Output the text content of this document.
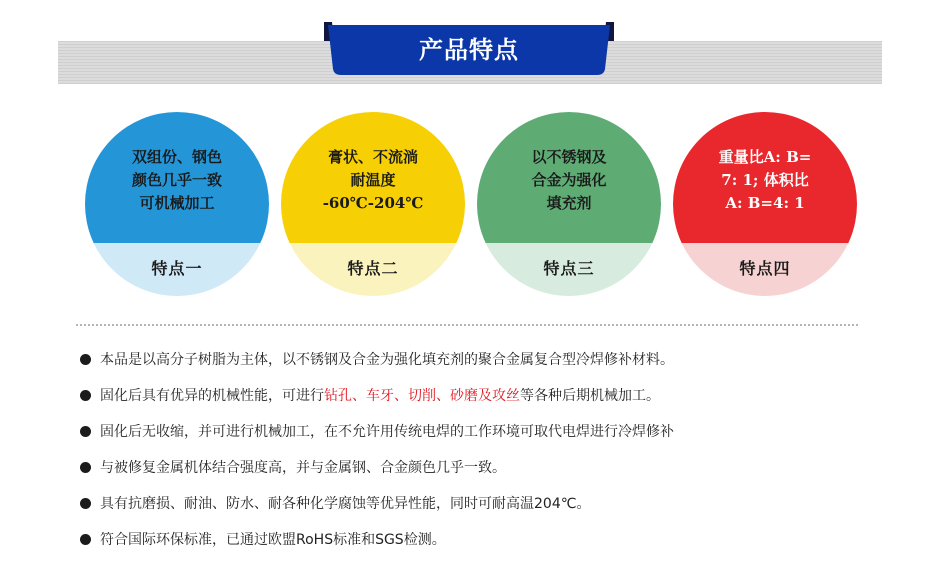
产品特点
双组份、钢色
颜色几乎一致
可机械加工
特点一
膏状、不流淌
耐温度
-60℃-204℃
特点二
以不锈钢及
合金为强化
填充剂
特点三
重量比A: B=
7: 1; 体积比
A: B=4: 1
特点四
本品是以高分子树脂为主体，以不锈钢及合金为强化填充剂的聚合金属复合型冷焊修补材料。
固化后具有优异的机械性能，可进行钻孔、车牙、切削、砂磨及攻丝等各种后期机械加工。
固化后无收缩，并可进行机械加工，在不允许用传统电焊的工作环境可取代电焊进行冷焊修补
与被修复金属机体结合强度高，并与金属钢、合金颜色几乎一致。
具有抗磨损、耐油、防水、耐各种化学腐蚀等优异性能，同时可耐高温204℃。
符合国际环保标准，已通过欧盟RoHS标准和SGS检测。
